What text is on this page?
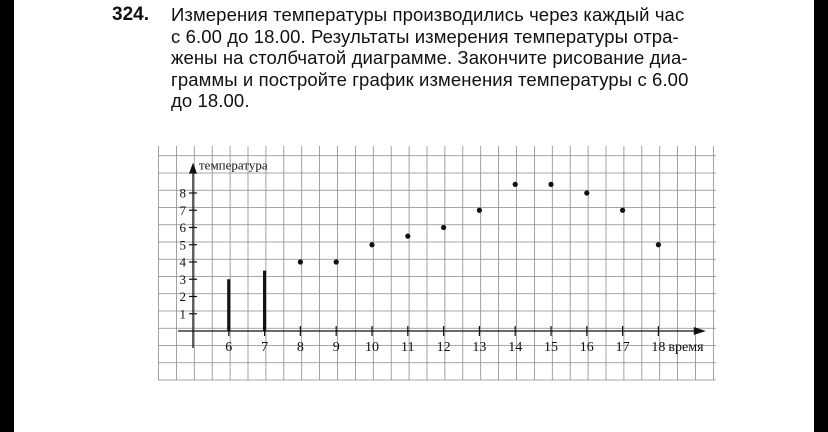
324. Измерения температуры производились через каждый час
с 6.00 до 18.00. Результаты измерения температуры отра-
жены на столбчатой диаграмме. Закончите рисование диа-
граммы и постройте график изменения температуры с 6.00
до 18.00.
6 7 8 9 10 11 12 13 14 15 16 17 18
1
2
3
4
5
6
7
8
температура
время
